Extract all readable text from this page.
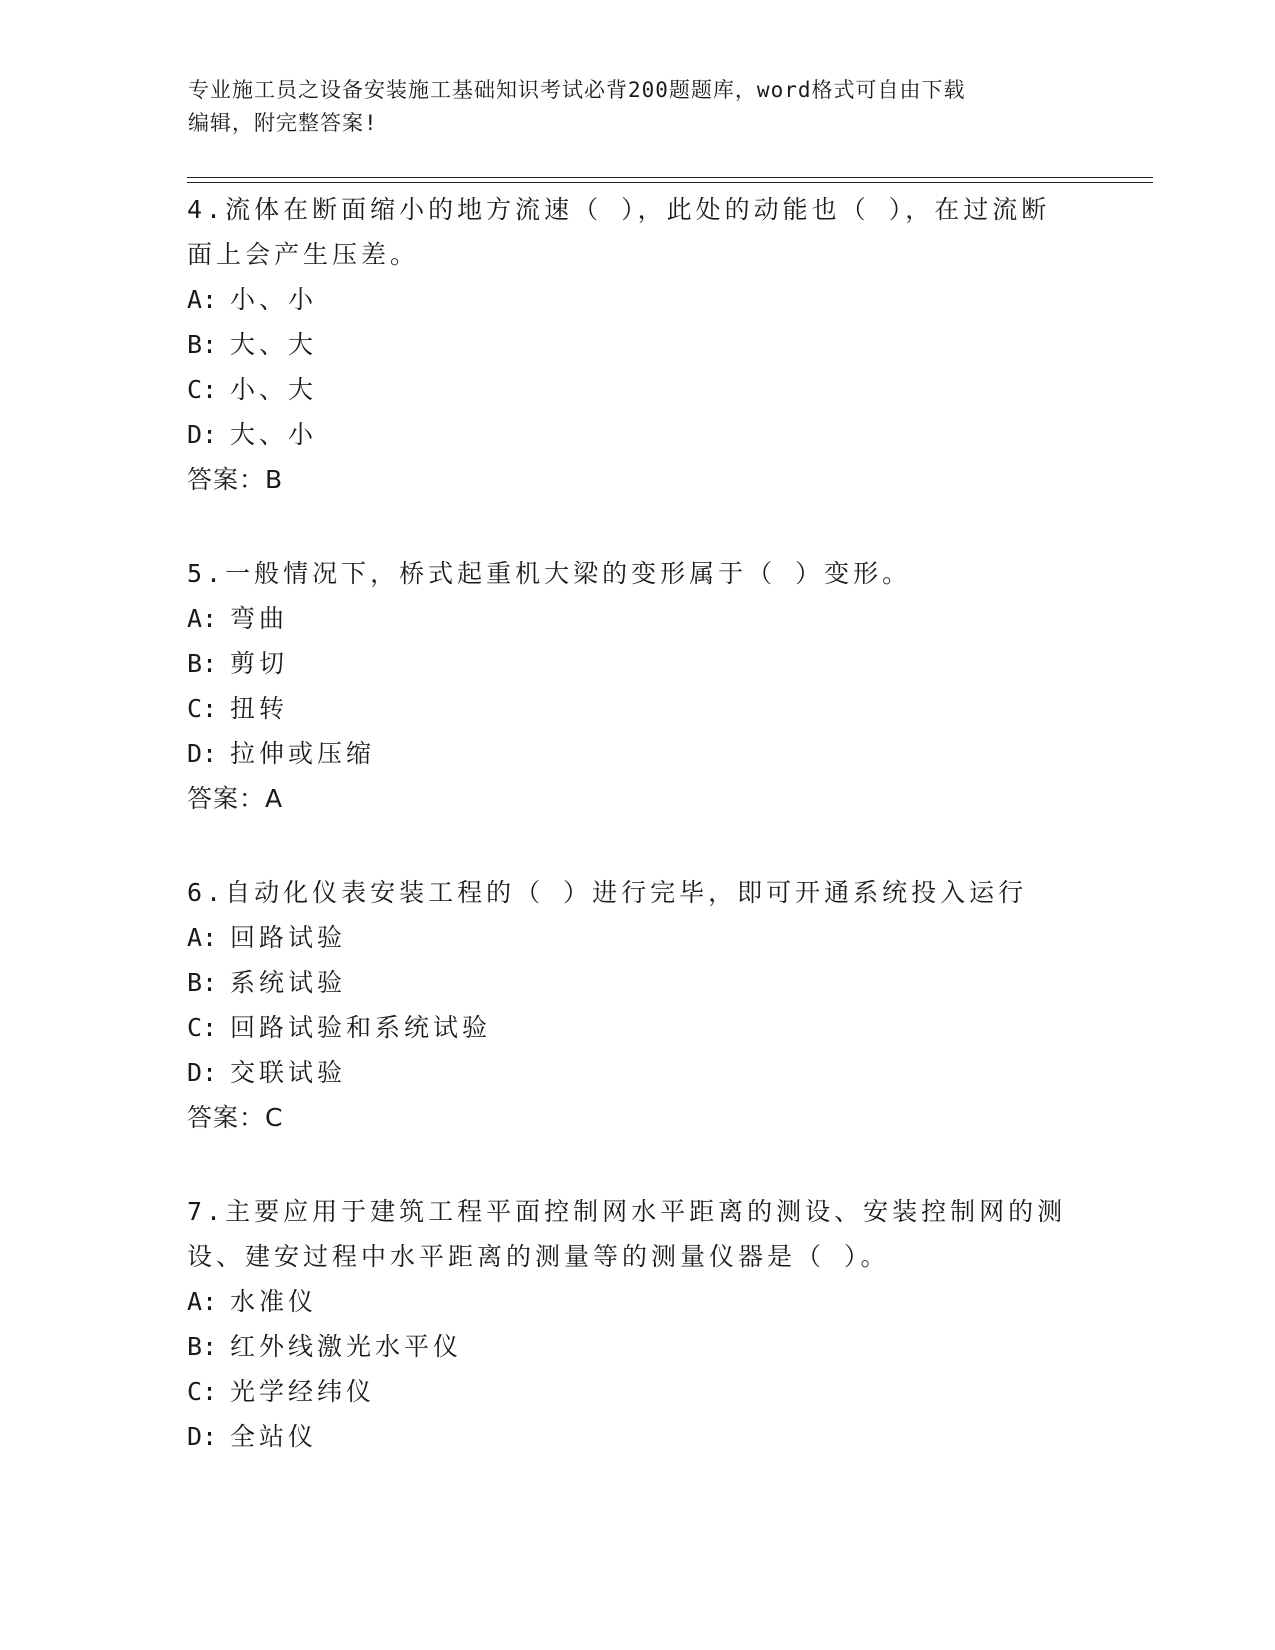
专业施工员之设备安装施工基础知识考试必背200题题库，word格式可自由下载
编辑，附完整答案!

4.流体在断面缩小的地方流速（ ），此处的动能也（ ），在过流断

面上会产生压差。

A: 小、小

B: 大、大

C: 小、大

D: 大、小

答案：B

5.一般情况下，桥式起重机大梁的变形属于（ ）变形。

A: 弯曲

B: 剪切

C: 扭转

D: 拉伸或压缩

答案：A

6.自动化仪表安装工程的（ ）进行完毕，即可开通系统投入运行

A: 回路试验

B: 系统试验

C: 回路试验和系统试验

D: 交联试验

答案：C

7.主要应用于建筑工程平面控制网水平距离的测设、安装控制网的测

设、建安过程中水平距离的测量等的测量仪器是（ ）。

A: 水准仪

B: 红外线激光水平仪

C: 光学经纬仪

D: 全站仪
